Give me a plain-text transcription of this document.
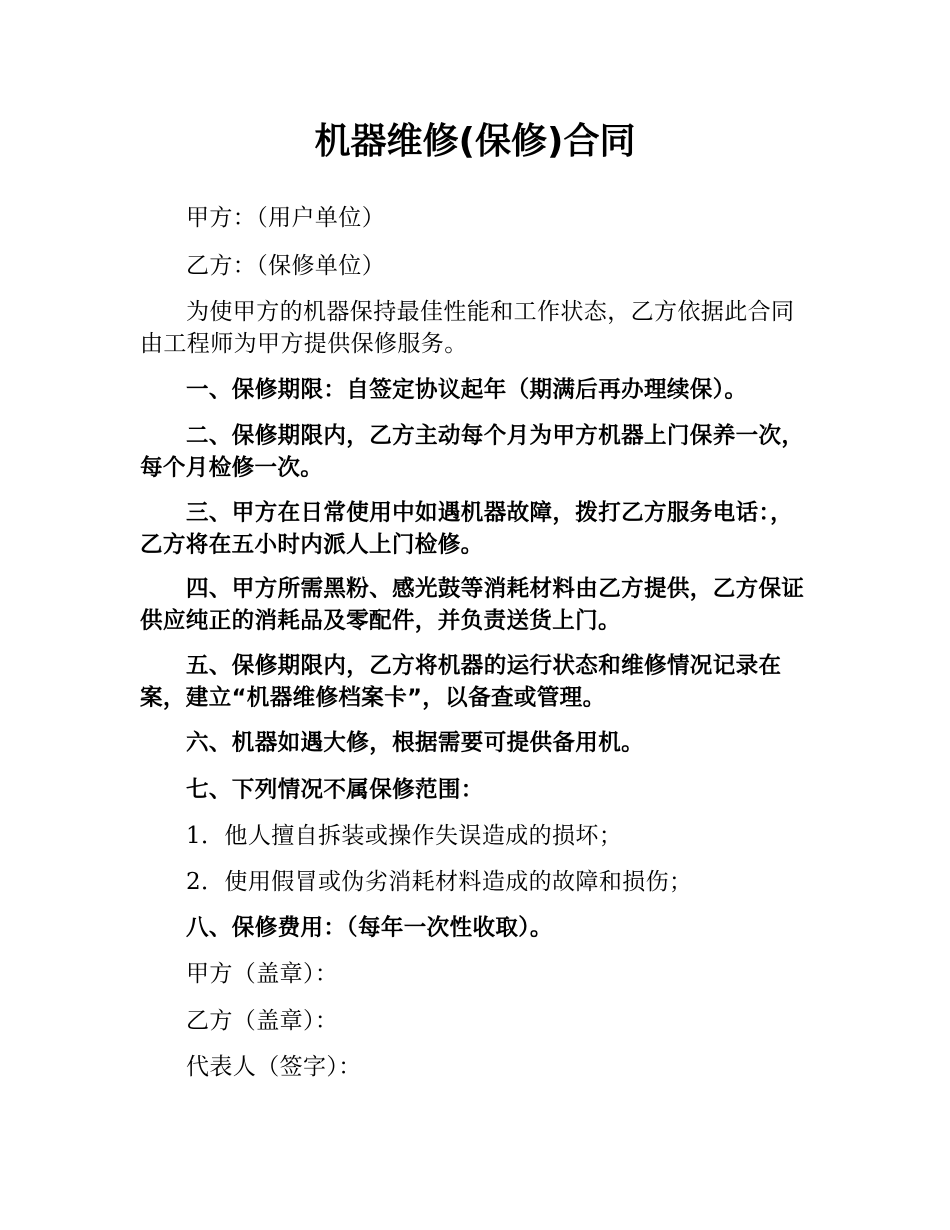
机器维修(保修)合同

甲方：（用户单位）

乙方：（保修单位）

为使甲方的机器保持最佳性能和工作状态，乙方依据此合同由工程师为甲方提供保修服务。

一、保修期限：自签定协议起年（期满后再办理续保）。

二、保修期限内，乙方主动每个月为甲方机器上门保养一次，每个月检修一次。

三、甲方在日常使用中如遇机器故障，拨打乙方服务电话：，乙方将在五小时内派人上门检修。

四、甲方所需黑粉、感光鼓等消耗材料由乙方提供，乙方保证供应纯正的消耗品及零配件，并负责送货上门。

五、保修期限内，乙方将机器的运行状态和维修情况记录在案，建立“机器维修档案卡”，以备查或管理。

六、机器如遇大修，根据需要可提供备用机。

七、下列情况不属保修范围：

1．他人擅自拆装或操作失误造成的损坏；

2．使用假冒或伪劣消耗材料造成的故障和损伤；

八、保修费用：（每年一次性收取）。

甲方（盖章）：

乙方（盖章）：

代表人（签字）：
